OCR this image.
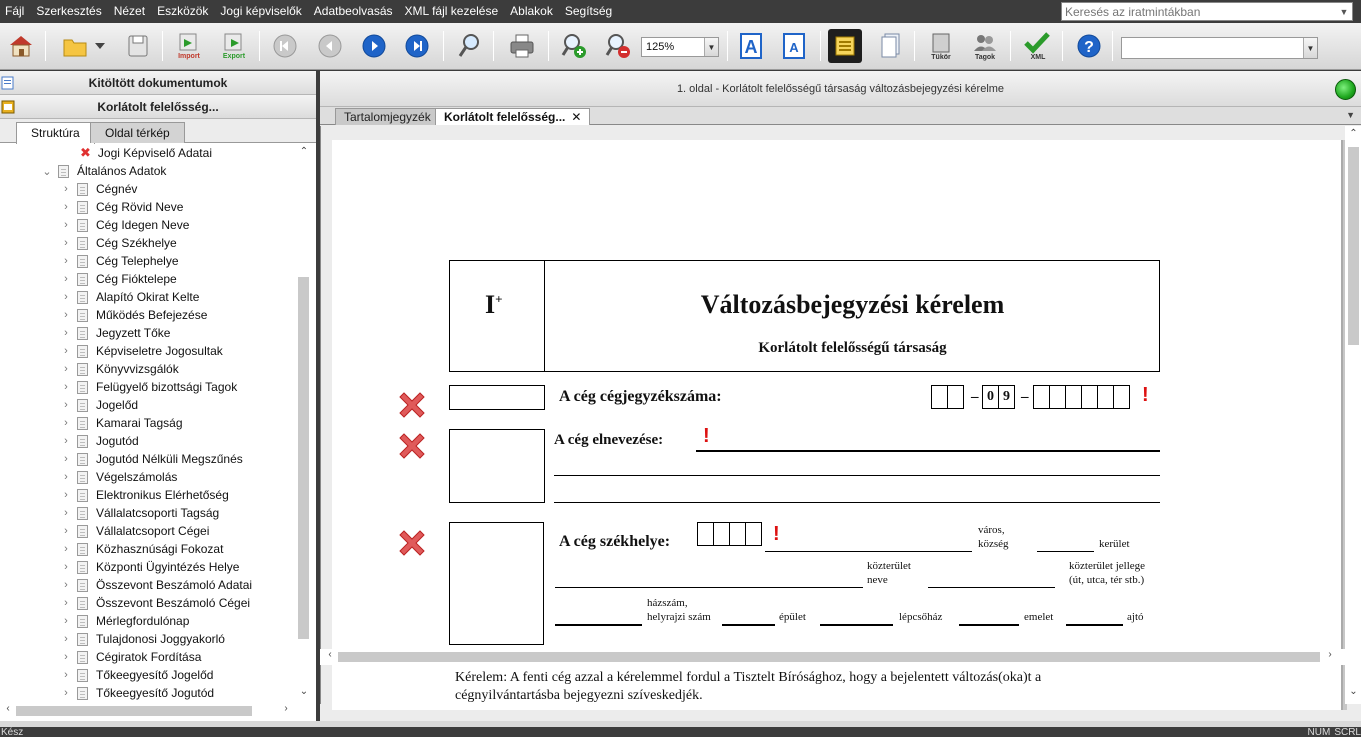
Fájl	Szerkesztés	Nézet	Eszközök	Jogi képviselők	Adatbeolvasás	XML fájl kezelése	Ablakok	Segítség
Keresés az iratmintákban	▼
Import	Export
125%	▼ A A
Tükör	Tagok	XML
?	▼
Kitöltött dokumentumok
Korlátolt felelősség...
Struktúra	Oldal térkép
✖ Jogi Képviselő Adatai
⌄ Általános Adatok
› Cégnév
› Cég Rövid Neve
› Cég Idegen Neve
› Cég Székhelye
› Cég Telephelye
› Cég Fióktelepe
› Alapító Okirat Kelte
› Működés Befejezése
› Jegyzett Tőke
› Képviseletre Jogosultak
› Könyvvizsgálók
› Felügyelő bizottsági Tagok
› Jogelőd
› Kamarai Tagság
› Jogutód
› Jogutód Nélküli Megszűnés
› Végelszámolás
› Elektronikus Elérhetőség
› Vállalatcsoporti Tagság
› Vállalatcsoport Cégei
› Közhasznúsági Fokozat
› Központi Ügyintézés Helye
› Összevont Beszámoló Adatai
› Összevont Beszámoló Cégei
› Mérlegfordulónap
› Tulajdonosi Joggyakorló
› Cégiratok Fordítása
› Tőkeegyesítő Jogelőd
› Tőkeegyesítő Jogutód
⌃
⌄
‹	›
1. oldal - Korlátolt felelősségű társaság változásbejegyzési kérelme
Tartalomjegyzék	Korlátolt felelősség... ✕	▼
I+	Változásbejegyzési kérelem
Korlátolt felelősségű társaság
A cég cégjegyzékszáma:	– 0 9 –	!
A cég elnevezése: !
A cég székhelye:	!	város,
község	kerület
közterület
neve
közterület jellege
(út, utca, tér stb.)
házszám,
helyrajzi szám	épület	lépcsőház	emelet	ajtó
Kérelem: A fenti cég azzal a kérelemmel fordul a Tisztelt Bírósághoz, hogy a bejelentett változás(oka)t a
cégnyilvántartásba bejegyezni szíveskedjék.
⌃
⌄
‹	›
Kész	NUM SCRL
